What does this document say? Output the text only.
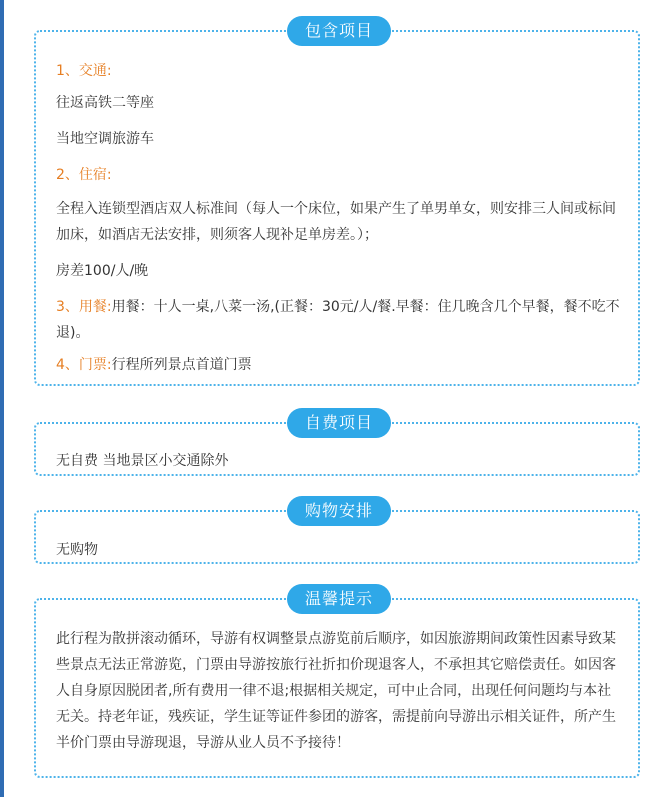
1、交通:

往返高铁二等座

当地空调旅游车

2、住宿:

全程入连锁型酒店双人标准间（每人一个床位，如果产生了单男单女，则安排三人间或标间加床，如酒店无法安排，则须客人现补足单房差。）；

房差100/人/晚

3、用餐:用餐：十人一桌,八菜一汤,(正餐：30元/人/餐.早餐：住几晚含几个早餐，餐不吃不退)。

4、门票:行程所列景点首道门票

包含项目

无自费 当地景区小交通除外

自费项目

无购物

购物安排

此行程为散拼滚动循环，导游有权调整景点游览前后顺序，如因旅游期间政策性因素导致某些景点无法正常游览，门票由导游按旅行社折扣价现退客人，不承担其它赔偿责任。如因客人自身原因脱团者,所有费用一律不退;根据相关规定，可中止合同，出现任何问题均与本社无关。持老年证，残疾证，学生证等证件参团的游客，需提前向导游出示相关证件，所产生半价门票由导游现退，导游从业人员不予接待！

温馨提示
